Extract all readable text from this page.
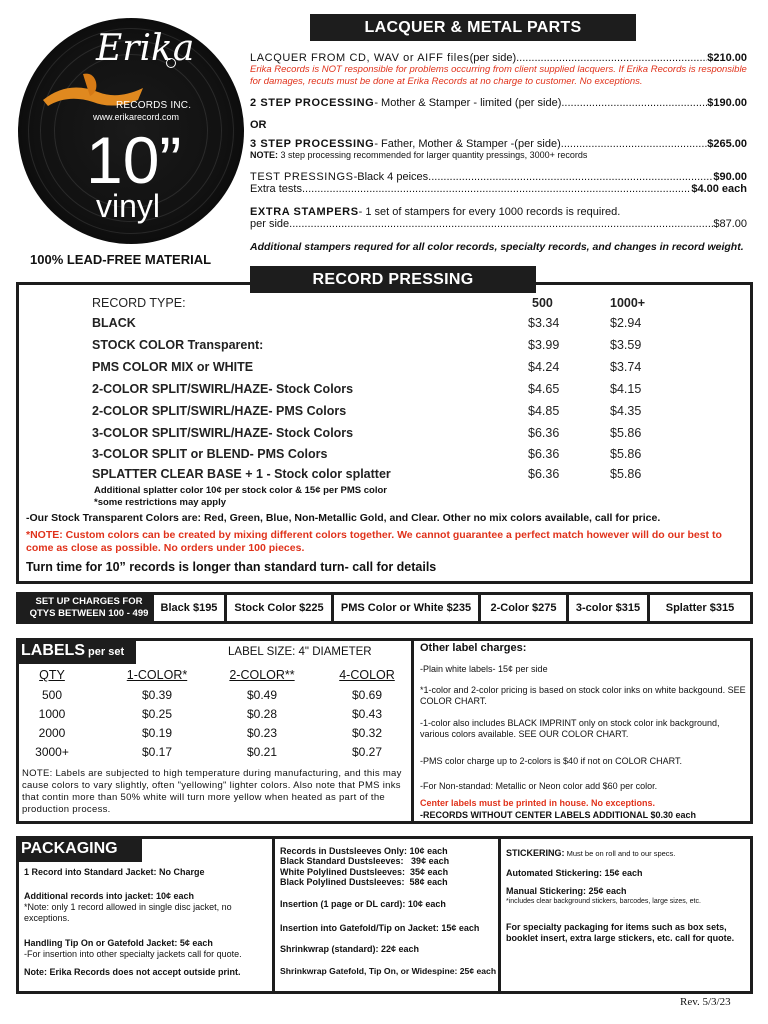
Erika
RECORDS INC.
www.erikarecord.com
10”
vinyl
100% LEAD-FREE MATERIAL
LACQUER & METAL PARTS
LACQUER FROM CD, WAV or AIFF files (per side) .....	$210.00
Erika Records is NOT responsible for problems occurring from client supplied lacquers. If Erika Records is responsible for damages, recuts must be done at Erika Records at no charge to customer. No exceptions.
2 STEP PROCESSING - Mother & Stamper - limited (per side) .....	$190.00
OR
3 STEP PROCESSING - Father, Mother & Stamper -(per side) .....	$265.00
NOTE: 3 step processing recommended for larger quantity pressings, 3000+ records
TEST PRESSINGS -Black 4 peices .....	$90.00
Extra tests .....	$4.00 each
EXTRA STAMPERS - 1 set of stampers for every 1000 records is required.
per side .....	$87.00
Additional stampers requred for all color records, specialty records, and changes in record weight.
RECORD PRESSING
RECORD TYPE:	500	1000+
BLACK	$3.34	$2.94
STOCK COLOR Transparent:	$3.99	$3.59
PMS COLOR MIX or WHITE	$4.24	$3.74
2-COLOR SPLIT/SWIRL/HAZE- Stock Colors	$4.65	$4.15
2-COLOR SPLIT/SWIRL/HAZE- PMS Colors	$4.85	$4.35
3-COLOR SPLIT/SWIRL/HAZE- Stock Colors	$6.36	$5.86
3-COLOR SPLIT or BLEND- PMS Colors	$6.36	$5.86
SPLATTER CLEAR BASE + 1 - Stock color splatter	$6.36	$5.86
Additional splatter color 10¢ per stock color & 15¢ per PMS color
*some restrictions may apply
-Our Stock Transparent Colors are: Red, Green, Blue, Non-Metallic Gold, and Clear. Other no mix colors available, call for price.
*NOTE: Custom colors can be created by mixing different colors together. We cannot guarantee a perfect match however will do our best to come as close as possible. No orders under 100 pieces.
Turn time for 10” records is longer than standard turn- call for details
SET UP CHARGES FOR
QTYS BETWEEN 100 - 499	Black $195	Stock Color $225	PMS Color or White $235	2-Color $275	3-color $315	Splatter $315
LABELS per set	LABEL SIZE: 4" DIAMETER
QTY	1-COLOR*	2-COLOR**	4-COLOR
500	$0.39	$0.49	$0.69
1000	$0.25	$0.28	$0.43
2000	$0.19	$0.23	$0.32
3000+	$0.17	$0.21	$0.27
NOTE: Labels are subjected to high temperature during manufacturing, and this may cause colors to vary slightly, often "yellowing" lighter colors. Also note that PMS inks that contin more than 50% white will turn more yellow when heated as part of the production process.
Other label charges:
-Plain white labels- 15¢ per side
*1-color and 2-color pricing is based on stock color inks on white backgound. SEE COLOR CHART.
-1-color also includes BLACK IMPRINT only on stock color ink background, various colors available. SEE OUR COLOR CHART.
-PMS color charge up to 2-colors is $40 if not on COLOR CHART.
-For Non-standad: Metallic or Neon color add $60 per color.
Center labels must be printed in house. No exceptions.
-RECORDS WITHOUT CENTER LABELS ADDITIONAL $0.30 each
PACKAGING
1 Record into Standard Jacket: No Charge
Additional records into jacket: 10¢ each
*Note: only 1 record allowed in single disc jacket, no exceptions.
Handling Tip On or Gatefold Jacket: 5¢ each
-For insertion into other specialty jackets call for quote.
Note: Erika Records does not accept outside print.
Records in Dustsleeves Only: 10¢ each
Black Standard Dustsleeves:   39¢ each
White Polylined Dustsleeves:  35¢ each
Black Polylined Dustsleeves:  58¢ each
Insertion (1 page or DL card): 10¢ each
Insertion into Gatefold/Tip on Jacket: 15¢ each
Shrinkwrap (standard): 22¢ each
Shrinkwrap Gatefold, Tip On, or Widespine: 25¢ each
STICKERING: Must be on roll and to our specs.
Automated Stickering: 15¢ each
Manual Stickering: 25¢ each
*includes clear background stickers, barcodes, large sizes, etc.
For specialty packaging for items such as box sets, booklet insert, extra large stickers, etc. call for quote.
Rev. 5/3/23
